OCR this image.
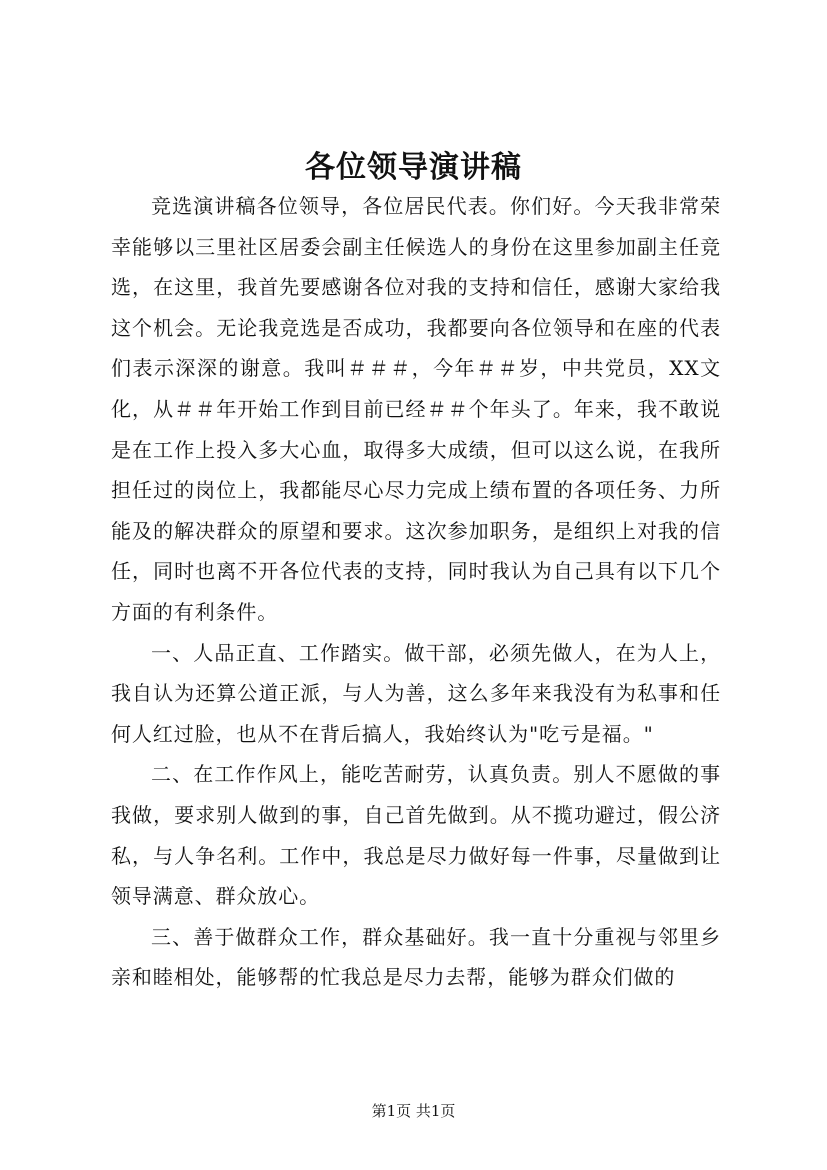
各位领导演讲稿

竞选演讲稿各位领导，各位居民代表。你们好。今天我非常荣幸能够以三里社区居委会副主任候选人的身份在这里参加副主任竞选，在这里，我首先要感谢各位对我的支持和信任，感谢大家给我这个机会。无论我竞选是否成功，我都要向各位领导和在座的代表们表示深深的谢意。我叫＃＃＃，今年＃＃岁，中共党员，XX文化，从＃＃年开始工作到目前已经＃＃个年头了。年来，我不敢说是在工作上投入多大心血，取得多大成绩，但可以这么说，在我所担任过的岗位上，我都能尽心尽力完成上绩布置的各项任务、力所能及的解决群众的原望和要求。这次参加职务，是组织上对我的信任，同时也离不开各位代表的支持，同时我认为自己具有以下几个方面的有利条件。

一、人品正直、工作踏实。做干部，必须先做人，在为人上，我自认为还算公道正派，与人为善，这么多年来我没有为私事和任何人红过脸，也从不在背后搞人，我始终认为"吃亏是福。"

二、在工作作风上，能吃苦耐劳，认真负责。别人不愿做的事我做，要求别人做到的事，自己首先做到。从不揽功避过，假公济私，与人争名利。工作中，我总是尽力做好每一件事，尽量做到让领导满意、群众放心。

三、善于做群众工作，群众基础好。我一直十分重视与邻里乡亲和睦相处，能够帮的忙我总是尽力去帮，能够为群众们做的

第1页 共1页
